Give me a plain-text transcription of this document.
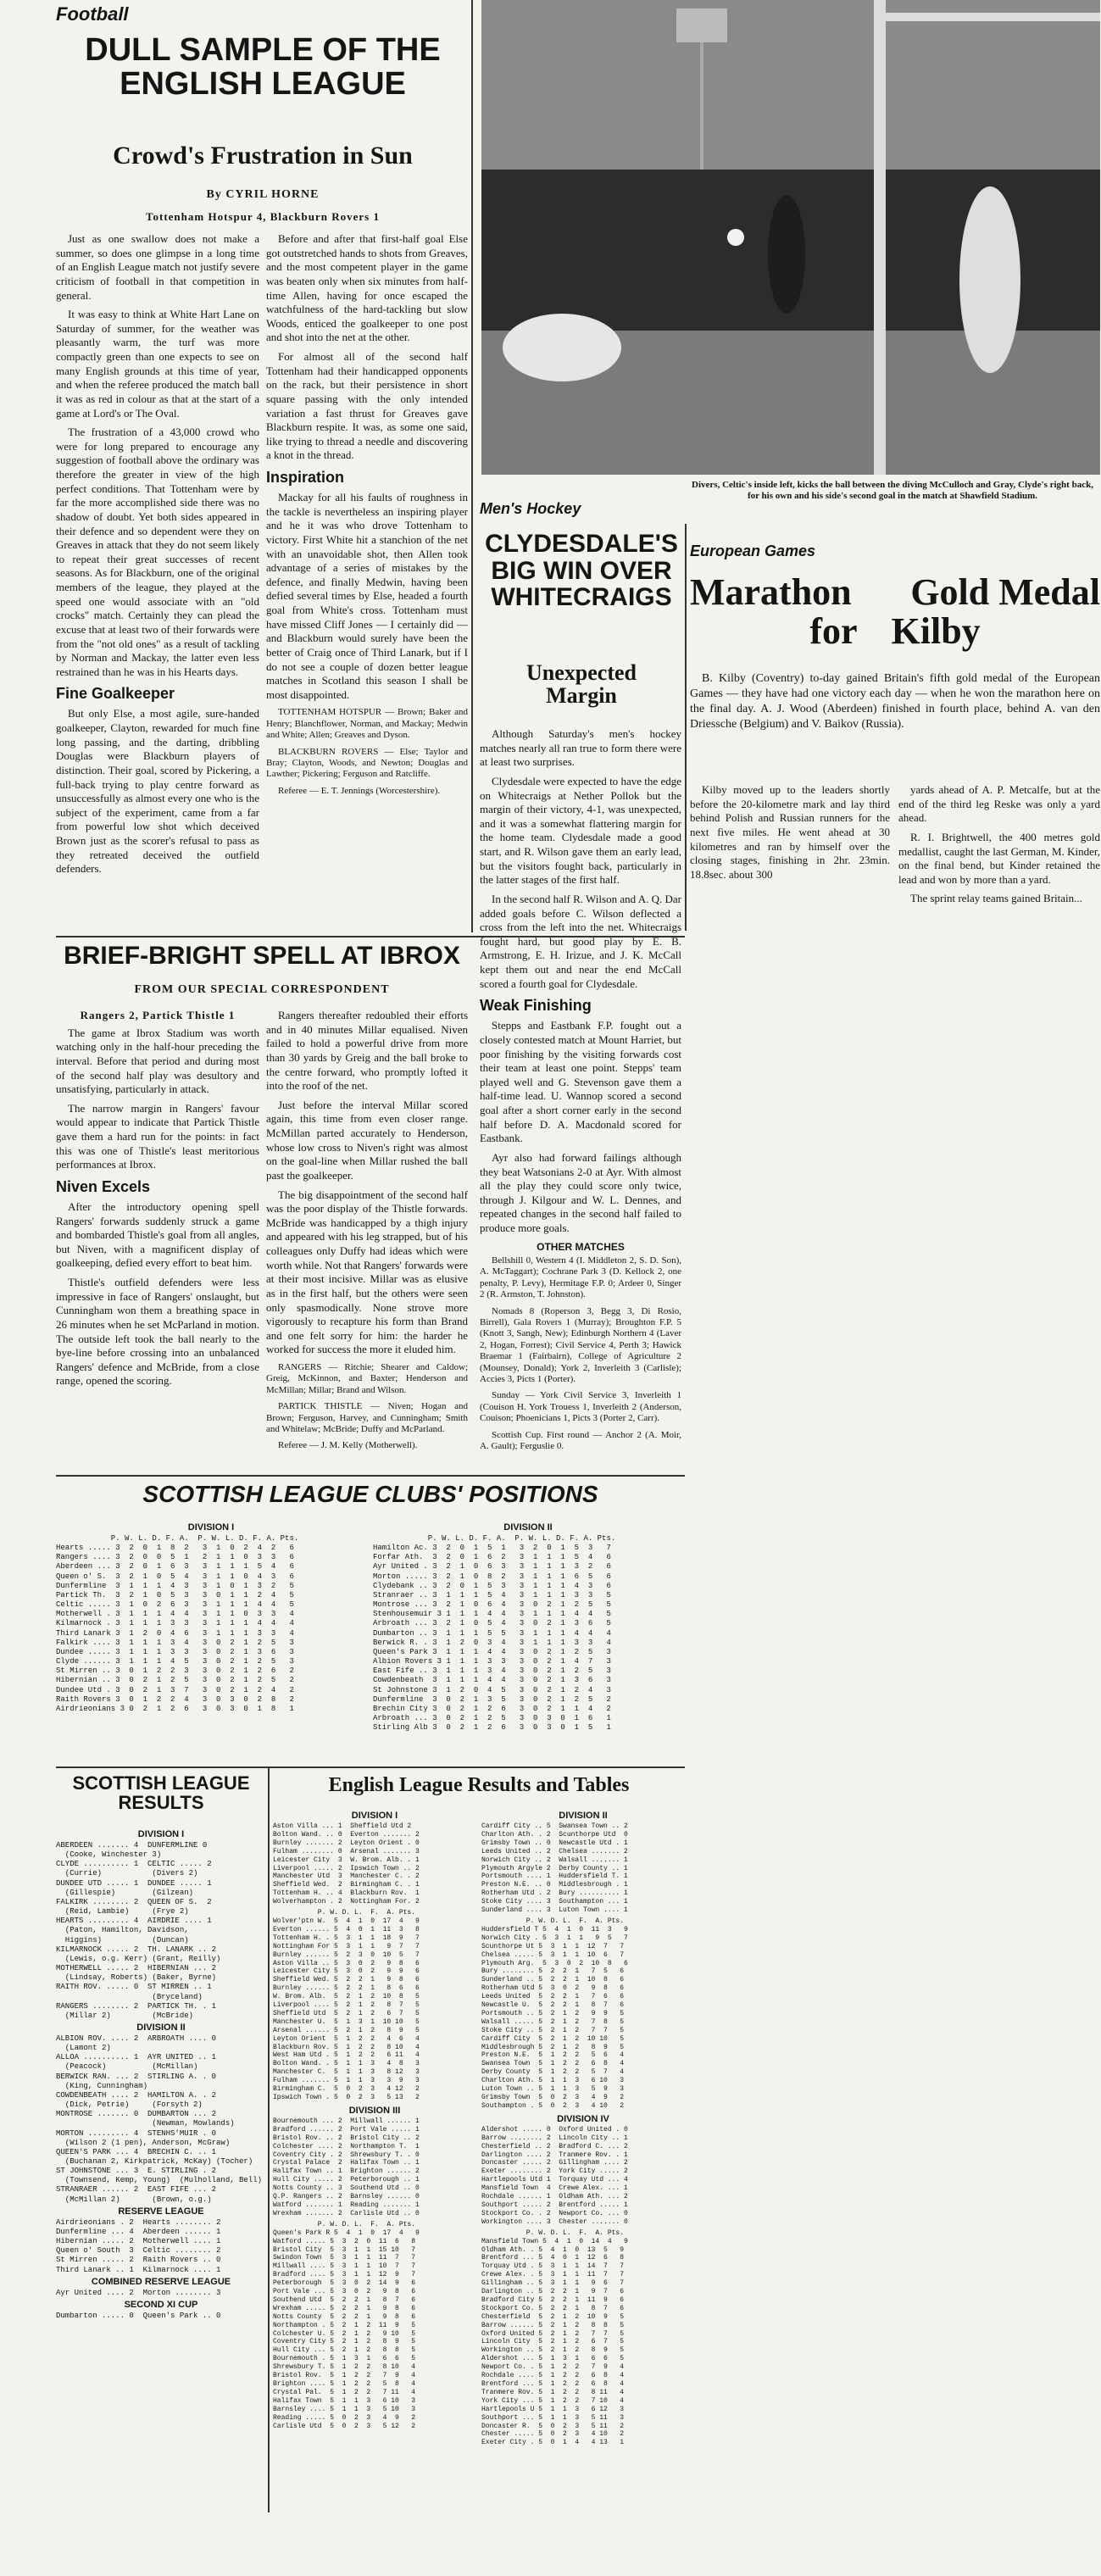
Football
DULL SAMPLE OF THE
ENGLISH LEAGUE
Crowd's Frustration in Sun
By CYRIL HORNE
Tottenham Hotspur 4, Blackburn Rovers 1

Just as one swallow does not make a summer, so does one glimpse in a long time of an English League match not justify severe criticism of football in that competition in general.

It was easy to think at White Hart Lane on Saturday of summer, for the weather was pleasantly warm, the turf was more compactly green than one expects to see on many English grounds at this time of year, and when the referee produced the match ball it was as red in colour as that at the start of a game at Lord's or The Oval.

The frustration of a 43,000 crowd who were for long prepared to encourage any suggestion of football above the ordinary was therefore the greater in view of the high perfect conditions. That Tottenham were by far the more accomplished side there was no shadow of doubt. Yet both sides appeared in their defence and so dependent were they on Greaves in attack that they do not seem likely to repeat their great successes of recent seasons. As for Blackburn, one of the original members of the league, they played at the speed one would associate with an "old crocks" match. Certainly they can plead the excuse that at least two of their forwards were from the "not old ones" as a result of tackling by Norman and Mackay, the latter even less restrained than he was in his Hearts days.

Fine Goalkeeper

But only Else, a most agile, sure-handed goalkeeper, Clayton, rewarded for much fine long passing, and the darting, dribbling Douglas were Blackburn players of distinction. Their goal, scored by Pickering, a full-back trying to play centre forward as unsuccessfully as almost every one who is the subject of the experiment, came from a far from powerful low shot which deceived Brown just as the scorer's refusal to pass as they retreated deceived the outfield defenders.

Before and after that first-half goal Else got outstretched hands to shots from Greaves, and the most competent player in the game was beaten only when six minutes from half-time Allen, having for once escaped the watchfulness of the hard-tackling but slow Woods, enticed the goalkeeper to one post and shot into the net at the other.

For almost all of the second half Tottenham had their handicapped opponents on the rack, but their persistence in short square passing with the only intended variation a fast thrust for Greaves gave Blackburn respite. It was, as some one said, like trying to thread a needle and discovering a knot in the thread.

Inspiration

Mackay for all his faults of roughness in the tackle is nevertheless an inspiring player and he it was who drove Tottenham to victory. First White hit a stanchion of the net with an unavoidable shot, then Allen took advantage of a series of mistakes by the defence, and finally Medwin, having been defied several times by Else, headed a fourth goal from White's cross. Tottenham must have missed Cliff Jones — I certainly did — and Blackburn would surely have been the better of Craig once of Third Lanark, but if I do not see a couple of dozen better league matches in Scotland this season I shall be most disappointed.

TOTTENHAM HOTSPUR — Brown; Baker and Henry; Blanchflower, Norman, and Mackay; Medwin and White; Allen; Greaves and Dyson.

BLACKBURN ROVERS — Else; Taylor and Bray; Clayton, Woods, and Newton; Douglas and Lawther; Pickering; Ferguson and Ratcliffe.

Referee — E. T. Jennings (Worcestershire).

Divers, Celtic's inside left, kicks the ball between the diving McCulloch and Gray, Clyde's right back, for his own and his side's second goal in the match at Shawfield Stadium.
Men's Hockey
CLYDESDALE'S
BIG WIN OVER
WHITECRAIGS
Unexpected
Margin

Although Saturday's men's hockey matches nearly all ran true to form there were at least two surprises.

Clydesdale were expected to have the edge on Whitecraigs at Nether Pollok but the margin of their victory, 4-1, was unexpected, and it was a somewhat flattering margin for the home team. Clydesdale made a good start, and R. Wilson gave them an early lead, but the visitors fought back, particularly in the latter stages of the first half.

In the second half R. Wilson and A. Q. Dar added goals before C. Wilson deflected a cross from the left into the net. Whitecraigs fought hard, but good play by E. B. Armstrong, E. H. Irizue, and J. K. McCall kept them out and near the end McCall scored a fourth goal for Clydesdale.

Weak Finishing

Stepps and Eastbank F.P. fought out a closely contested match at Mount Harriet, but poor finishing by the visiting forwards cost their team at least one point. Stepps' team played well and G. Stevenson gave them a half-time lead. U. Wannop scored a second goal after a short corner early in the second half before D. A. Macdonald scored for Eastbank.

Ayr also had forward failings although they beat Watsonians 2-0 at Ayr. With almost all the play they could score only twice, through J. Kilgour and W. L. Dennes, and repeated changes in the second half failed to produce more goals.

OTHER MATCHES

Bellshill 0, Western 4 (I. Middleton 2, S. D. Son), A. McTaggart); Cochrane Park 3 (D. Kellock 2, one penalty, P. Levy), Hermitage F.P. 0; Ardeer 0, Singer 2 (R. Armston, T. Johnston).

Nomads 8 (Roperson 3, Begg 3, Di Rosio, Birrell), Gala Rovers 1 (Murray); Broughton F.P. 5 (Knott 3, Sangh, New); Edinburgh Northern 4 (Laver 2, Hogan, Forrest); Civil Service 4, Perth 3; Hawick Braemar 1 (Fairbairn), College of Agriculture 2 (Mounsey, Donald); York 2, Inverleith 3 (Carlisle); Accies 3, Picts 1 (Porter).

Sunday — York Civil Service 3, Inverleith 1 (Couison H. York Trouess 1, Inverleith 2 (Anderson, Couison; Phoenicians 1, Picts 3 (Porter 2, Carr).

Scottish Cup. First round — Anchor 2 (A. Moir, A. Gault); Ferguslie 0.

European Games
Marathon Gold Medal
for Kilby

B. Kilby (Coventry) to-day gained Britain's fifth gold medal of the European Games — they have had one victory each day — when he won the marathon here on the final day. A. J. Wood (Aberdeen) finished in fourth place, behind A. van den Driessche (Belgium) and V. Baikov (Russia).

Kilby moved up to the leaders shortly before the 20-kilometre mark and lay third behind Polish and Russian runners for the next five miles. He went ahead at 30 kilometres and ran by himself over the closing stages, finishing in 2hr. 23min. 18.8sec. about 300

yards ahead of A. P. Metcalfe, but at the end of the third leg Reske was only a yard ahead.

R. I. Brightwell, the 400 metres gold medallist, caught the last German, M. Kinder, on the final bend, but Kinder retained the lead and won by more than a yard.

The sprint relay teams gained Britain...

BRIEF-BRIGHT SPELL AT IBROX
FROM OUR SPECIAL CORRESPONDENT
Rangers 2, Partick Thistle 1

The game at Ibrox Stadium was worth watching only in the half-hour preceding the interval. Before that period and during most of the second half play was desultory and unsatisfying, particularly in attack.

The narrow margin in Rangers' favour would appear to indicate that Partick Thistle gave them a hard run for the points: in fact this was one of Thistle's least meritorious performances at Ibrox.

Niven Excels

After the introductory opening spell Rangers' forwards suddenly struck a game and bombarded Thistle's goal from all angles, but Niven, with a magnificent display of goalkeeping, defied every effort to beat him.

Thistle's outfield defenders were less impressive in face of Rangers' onslaught, but Cunningham won them a breathing space in 26 minutes when he set McParland in motion. The outside left took the ball nearly to the bye-line before crossing into an unbalanced Rangers' defence and McBride, from a close range, opened the scoring.

Rangers thereafter redoubled their efforts and in 40 minutes Millar equalised. Niven failed to hold a powerful drive from more than 30 yards by Greig and the ball broke to the centre forward, who promptly lofted it into the roof of the net.

Just before the interval Millar scored again, this time from even closer range. McMillan parted accurately to Henderson, whose low cross to Niven's right was almost on the goal-line when Millar rushed the ball past the goalkeeper.

The big disappointment of the second half was the poor display of the Thistle forwards. McBride was handicapped by a thigh injury and appeared with his leg strapped, but of his colleagues only Duffy had ideas which were worth while. Not that Rangers' forwards were at their most incisive. Millar was as elusive as in the first half, but the others were seen only spasmodically. None strove more vigorously to recapture his form than Brand and one felt sorry for him: the harder he worked for success the more it eluded him.

RANGERS — Ritchie; Shearer and Caldow; Greig, McKinnon, and Baxter; Henderson and McMillan; Millar; Brand and Wilson.

PARTICK THISTLE — Niven; Hogan and Brown; Ferguson, Harvey, and Cunningham; Smith and Whitelaw; McBride; Duffy and McParland.

Referee — J. M. Kelly (Motherwell).

SCOTTISH LEAGUE CLUBS' POSITIONS
DIVISION I
P. W. L. D. F. A.  P. W. L. D. F. A. Pts.
Hearts ..... 3  2  0  1  8  2   3  1  0  2  4  2   6
Rangers .... 3  2  0  0  5  1   2  1  1  0  3  3   6
Aberdeen ... 3  2  0  1  6  3   3  1  1  1  5  4   6
Queen o' S.  3  2  1  0  5  4   3  1  1  0  4  3   6
Dunfermline  3  1  1  1  4  3   3  1  0  1  3  2   5
Partick Th.  3  2  1  0  5  3   3  0  1  1  2  4   5
Celtic ..... 3  1  0  2  6  3   3  1  1  1  4  4   5
Motherwell . 3  1  1  1  4  4   3  1  1  0  3  3   4
Kilmarnock . 3  1  1  1  3  3   3  1  1  1  4  4   4
Third Lanark 3  1  2  0  4  6   3  1  1  1  3  3   4
Falkirk .... 3  1  1  1  3  4   3  0  2  1  2  5   3
Dundee ..... 3  1  1  1  3  3   3  0  2  1  3  6   3
Clyde ...... 3  1  1  1  4  5   3  0  2  1  2  5   3
St Mirren .. 3  0  1  2  2  3   3  0  2  1  2  6   2
Hibernian .. 3  0  2  1  2  5   3  0  2  1  2  5   2
Dundee Utd . 3  0  2  1  3  7   3  0  2  1  2  4   2
Raith Rovers 3  0  1  2  2  4   3  0  3  0  2  8   2
Airdrieonians 3 0  2  1  2  6   3  0  3  0  1  8   1
DIVISION II
P. W. L. D. F. A.  P. W. L. D. F. A. Pts.
Hamilton Ac. 3  2  0  1  5  1   3  2  0  1  5  3   7
Forfar Ath.  3  2  0  1  6  2   3  1  1  1  5  4   6
Ayr United . 3  2  1  0  6  3   3  1  1  1  3  2   6
Morton ..... 3  2  1  0  8  2   3  1  1  1  6  5   6
Clydebank .. 3  2  0  1  5  3   3  1  1  1  4  3   6
Stranraer .. 3  1  1  1  5  4   3  1  1  1  3  3   5
Montrose ... 3  2  1  0  6  4   3  0  2  1  2  5   5
Stenhousemuir 3 1  1  1  4  4   3  1  1  1  4  4   5
Arbroath ... 3  2  1  0  5  4   3  0  2  1  3  6   5
Dumbarton .. 3  1  1  1  5  5   3  1  1  1  4  4   4
Berwick R. . 3  1  2  0  3  4   3  1  1  1  3  3   4
Queen's Park 3  1  1  1  4  4   3  0  2  1  2  5   3
Albion Rovers 3 1  1  1  3  3   3  0  2  1  4  7   3
East Fife .. 3  1  1  1  3  4   3  0  2  1  2  5   3
Cowdenbeath  3  1  1  1  4  4   3  0  2  1  3  6   3
St Johnstone 3  1  2  0  4  5   3  0  2  1  2  4   3
Dunfermline  3  0  2  1  3  5   3  0  2  1  2  5   2
Brechin City 3  0  2  1  2  6   3  0  2  1  1  4   2
Arbroath ... 3  0  2  1  2  5   3  0  3  0  1  6   1
Stirling Alb 3  0  2  1  2  6   3  0  3  0  1  5   1
SCOTTISH LEAGUE
RESULTS
DIVISION I
ABERDEEN ....... 4  DUNFERMLINE 0
(Cooke, Winchester 3)
CLYDE .......... 1  CELTIC ..... 2
(Currie)           (Divers 2)
DUNDEE UTD ..... 1  DUNDEE ..... 1
(Gillespie)        (Gilzean)
FALKIRK ........ 2  QUEEN OF S.  2
(Reid, Lambie)     (Frye 2)
HEARTS ......... 4  AIRDRIE .... 1
(Paton, Hamilton, Davidson,
Higgins)           (Duncan)
KILMARNOCK ..... 2  TH. LANARK .. 2
(Lewis, o.g. Kerr) (Grant, Reilly)
MOTHERWELL ..... 2  HIBERNIAN ... 2
(Lindsay, Roberts) (Baker, Byrne)
RAITH ROV. ..... 0  ST MIRREN .. 1
(Bryceland)
RANGERS ........ 2  PARTICK TH. . 1
(Millar 2)         (McBride)
DIVISION II
ALBION ROV. .... 2  ARBROATH .... 0
(Lamont 2)
ALLOA .......... 1  AYR UNITED .. 1
(Peacock)          (McMillan)
BERWICK RAN. ... 2  STIRLING A. . 0
(King, Cunningham)
COWDENBEATH .... 2  HAMILTON A. . 2
(Dick, Petrie)     (Forsyth 2)
MONTROSE ....... 0  DUMBARTON ... 2
(Newman, Mowlands)
MORTON ......... 4  STENHS'MUIR . 0
(Wilson 2 (1 pen), Anderson, McGraw)
QUEEN'S PARK ... 4  BRECHIN C. .. 1
(Buchanan 2, Kirkpatrick, McKay) (Tocher)
ST JOHNSTONE ... 3  E. STIRLING . 2
(Townsend, Kemp, Young)  (Mulholland, Bell)
STRANRAER ...... 2  EAST FIFE ... 2
(McMillan 2)       (Brown, o.g.)
RESERVE LEAGUE
Airdrieonians . 2  Hearts ........ 2
Dunfermline ... 4  Aberdeen ...... 1
Hibernian ..... 2  Motherwell .... 1
Queen o' South  3  Celtic ........ 2
St Mirren ..... 2  Raith Rovers .. 0
Third Lanark .. 1  Kilmarnock .... 1
COMBINED RESERVE LEAGUE
Ayr United .... 2  Morton ........ 3
SECOND XI CUP
Dumbarton ..... 0  Queen's Park .. 0
English League Results and Tables
DIVISION I
Aston Villa ... 1  Sheffield Utd 2
Bolton Wand. .. 0  Everton ....... 2
Burnley ....... 2  Leyton Orient . 0
Fulham ........ 0  Arsenal ....... 3
Leicester City  3  W. Brom. Alb. . 1
Liverpool ..... 2  Ipswich Town .. 2
Manchester Utd  3  Manchester C. . 2
Sheffield Wed.  2  Birmingham C. . 1
Tottenham H. .. 4  Blackburn Rov.  1
Wolverhampton . 2  Nottingham For. 2
P. W. D. L.  F.  A. Pts.
Wolver'ptn W.  5  4  1  0  17  4   9
Everton ...... 5  4  0  1  11  3   8
Tottenham H. . 5  3  1  1  18  9   7
Nottingham For 5  3  1  1   9  7   7
Burnley ...... 5  2  3  0  10  5   7
Aston Villa .. 5  3  0  2   9  8   6
Leicester City 5  3  0  2   9  9   6
Sheffield Wed. 5  2  2  1   9  8   6
Burnley ...... 5  2  2  1   8  6   6
W. Brom. Alb.  5  2  1  2  10  8   5
Liverpool .... 5  2  1  2   8  7   5
Sheffield Utd  5  2  1  2   6  7   5
Manchester U.  5  1  3  1  10 10   5
Arsenal ...... 5  2  1  2   8  9   5
Leyton Orient  5  1  2  2   4  6   4
Blackburn Rov. 5  1  2  2   8 10   4
West Ham Utd . 5  1  2  2   6 11   4
Bolton Wand. . 5  1  1  3   4  8   3
Manchester C.  5  1  1  3   8 12   3
Fulham ....... 5  1  1  3   3  9   3
Birmingham C.  5  0  2  3   4 12   2
Ipswich Town . 5  0  2  3   5 13   2
DIVISION III
Bournemouth ... 2  Millwall ...... 1
Bradford ...... 2  Port Vale ..... 1
Bristol Rov. .. 2  Bristol City .. 2
Colchester .... 2  Northampton T.  1
Coventry City . 2  Shrewsbury T. . 0
Crystal Palace  2  Halifax Town .. 1
Halifax Town .. 1  Brighton ...... 2
Hull City ..... 2  Peterborough .. 1
Notts County .. 3  Southend Utd .. 0
Q.P. Rangers .. 2  Barnsley ...... 0
Watford ....... 1  Reading ....... 1
Wrexham ....... 2  Carlisle Utd .. 0
P. W. D. L.  F.  A. Pts.
Queen's Park R 5  4  1  0  17  4   9
Watford ..... 5  3  2  0  11  6   8
Bristol City  5  3  1  1  15 10   7
Swindon Town  5  3  1  1  11  7   7
Millwall .... 5  3  1  1  10  7   7
Bradford .... 5  3  1  1  12  9   7
Peterborough  5  3  0  2  14  9   6
Port Vale ... 5  3  0  2   9  8   6
Southend Utd  5  2  2  1   8  7   6
Wrexham ..... 5  2  2  1   9  8   6
Notts County  5  2  2  1   9  8   6
Northampton . 5  2  1  2  11  9   5
Colchester U. 5  2  1  2   9 10   5
Coventry City 5  2  1  2   8  9   5
Hull City ... 5  2  1  2   8  8   5
Bournemouth . 5  1  3  1   6  6   5
Shrewsbury T. 5  1  2  2   8 10   4
Bristol Rov.  5  1  2  2   7  9   4
Brighton .... 5  1  2  2   5  8   4
Crystal Pal.  5  1  2  2   7 11   4
Halifax Town  5  1  1  3   6 10   3
Barnsley .... 5  1  1  3   5 10   3
Reading ..... 5  0  2  3   4  9   2
Carlisle Utd  5  0  2  3   5 12   2
DIVISION II
Cardiff City .. 5  Swansea Town .. 2
Charlton Ath. . 2  Scunthorpe Utd  0
Grimsby Town .. 0  Newcastle Utd . 1
Leeds United .. 2  Chelsea ....... 2
Norwich City .. 2  Walsall ....... 1
Plymouth Argyle 2  Derby County .. 1
Portsmouth .... 1  Huddersfield T. 1
Preston N.E. .. 0  Middlesbrough . 1
Rotherham Utd . 2  Bury .......... 1
Stoke City .... 3  Southampton ... 1
Sunderland .... 3  Luton Town .... 1
P. W. D. L.  F.  A. Pts.
Huddersfield T 5  4  1  0  11  3   9
Norwich City . 5  3  1  1   9  5   7
Scunthorpe Ut 5  3  1  1  12  7   7
Chelsea ..... 5  3  1  1  10  6   7
Plymouth Arg.  5  3  0  2  10  8   6
Bury ........ 5  2  2  1   7  5   6
Sunderland .. 5  2  2  1  10  8   6
Rotherham Utd 5  3  0  2   9  8   6
Leeds United  5  2  2  1   7  6   6
Newcastle U.  5  2  2  1   8  7   6
Portsmouth .. 5  2  1  2   9  9   5
Walsall ..... 5  2  1  2   7  8   5
Stoke City .. 5  2  1  2   7  7   5
Cardiff City  5  2  1  2  10 10   5
Middlesbrough 5  2  1  2   8  9   5
Preston N.E.  5  1  2  2   5  6   4
Swansea Town  5  1  2  2   6  8   4
Derby County  5  1  2  2   5  7   4
Charlton Ath. 5  1  1  3   6 10   3
Luton Town .. 5  1  1  3   5  9   3
Grimsby Town  5  0  2  3   4  9   2
Southampton . 5  0  2  3   4 10   2
DIVISION IV
Aldershot ..... 0  Oxford United . 0
Barrow ........ 2  Lincoln City .. 1
Chesterfield .. 2  Bradford C. ... 2
Darlington .... 2  Tranmere Rov. . 1
Doncaster ..... 2  Gillingham .... 2
Exeter ........ 2  York City ..... 2
Hartlepools Utd 1  Torquay Utd ... 4
Mansfield Town  4  Crewe Alex. ... 1
Rochdale ...... 1  Oldham Ath. ... 2
Southport ..... 2  Brentford ..... 1
Stockport Co. . 2  Newport Co. ... 0
Workington .... 3  Chester ....... 0
P. W. D. L.  F.  A. Pts.
Mansfield Town 5  4  1  0  14  4   9
Oldham Ath. . 5  4  1  0  13  5   9
Brentford ... 5  4  0  1  12  6   8
Torquay Utd . 5  3  1  1  14  7   7
Crewe Alex. . 5  3  1  1  11  7   7
Gillingham .. 5  3  1  1   9  6   7
Darlington .. 5  2  2  1   9  7   6
Bradford City 5  2  2  1  11  9   6
Stockport Co. 5  2  2  1   8  7   6
Chesterfield  5  2  1  2  10  9   5
Barrow ...... 5  2  1  2   8  8   5
Oxford United 5  2  1  2   7  7   5
Lincoln City  5  2  1  2   6  7   5
Workington .. 5  2  1  2   8  9   5
Aldershot ... 5  1  3  1   6  6   5
Newport Co. . 5  1  2  2   7  9   4
Rochdale .... 5  1  2  2   6  8   4
Brentford ... 5  1  2  2   6  8   4
Tranmere Rov. 5  1  2  2   8 11   4
York City ... 5  1  2  2   7 10   4
Hartlepools U 5  1  1  3   6 12   3
Southport ... 5  1  1  3   5 11   3
Doncaster R.  5  0  2  3   5 11   2
Chester ..... 5  0  2  3   4 10   2
Exeter City . 5  0  1  4   4 13   1
